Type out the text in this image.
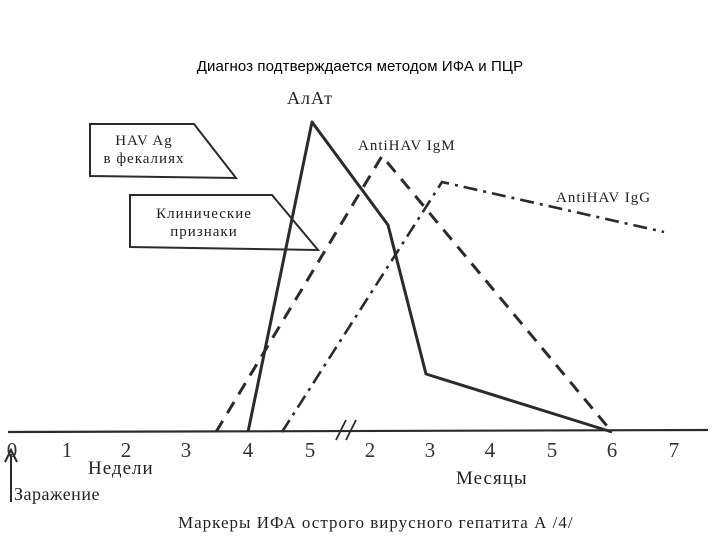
Диагноз подтверждается методом ИФА и ПЦР
АлАт
Anti​HAV IgM
Anti​HAV IgG
HAV Ag
в фекалиях
Клинические
признаки
0	1	2	3	4	5	2	3	4	5	6	7
Недели	Месяцы
Заражение
Маркеры ИФА острого вирусного гепатита А /4/
